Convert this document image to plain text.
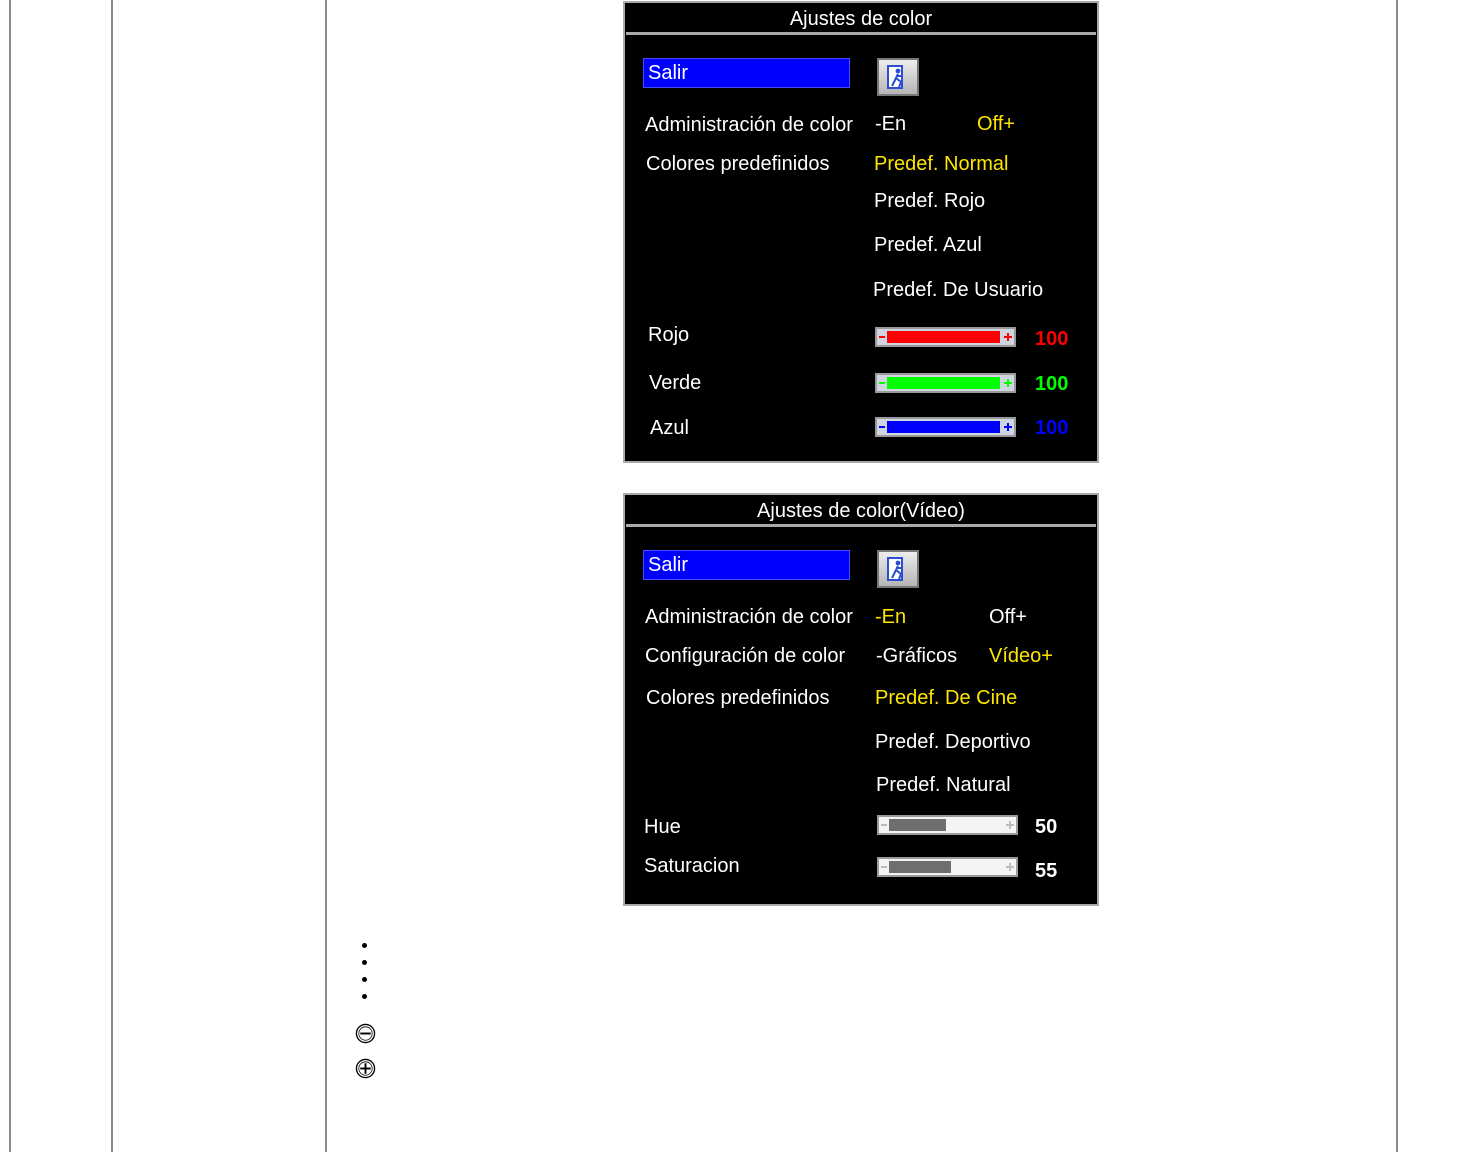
Ajustes de color
Salir
Administración de color -En	Off+
Colores predefinidos Predef. Normal
Predef. Rojo
Predef. Azul
Predef. De Usuario
Rojo	100
Verde	100
Azul	100
Ajustes de color(Vídeo)
Salir
Administración de color -En	Off+
Configuración de color -Gráficos Vídeo+
Colores predefinidos Predef. De Cine
Predef. Deportivo
Predef. Natural
Hue	50
Saturacion	55
